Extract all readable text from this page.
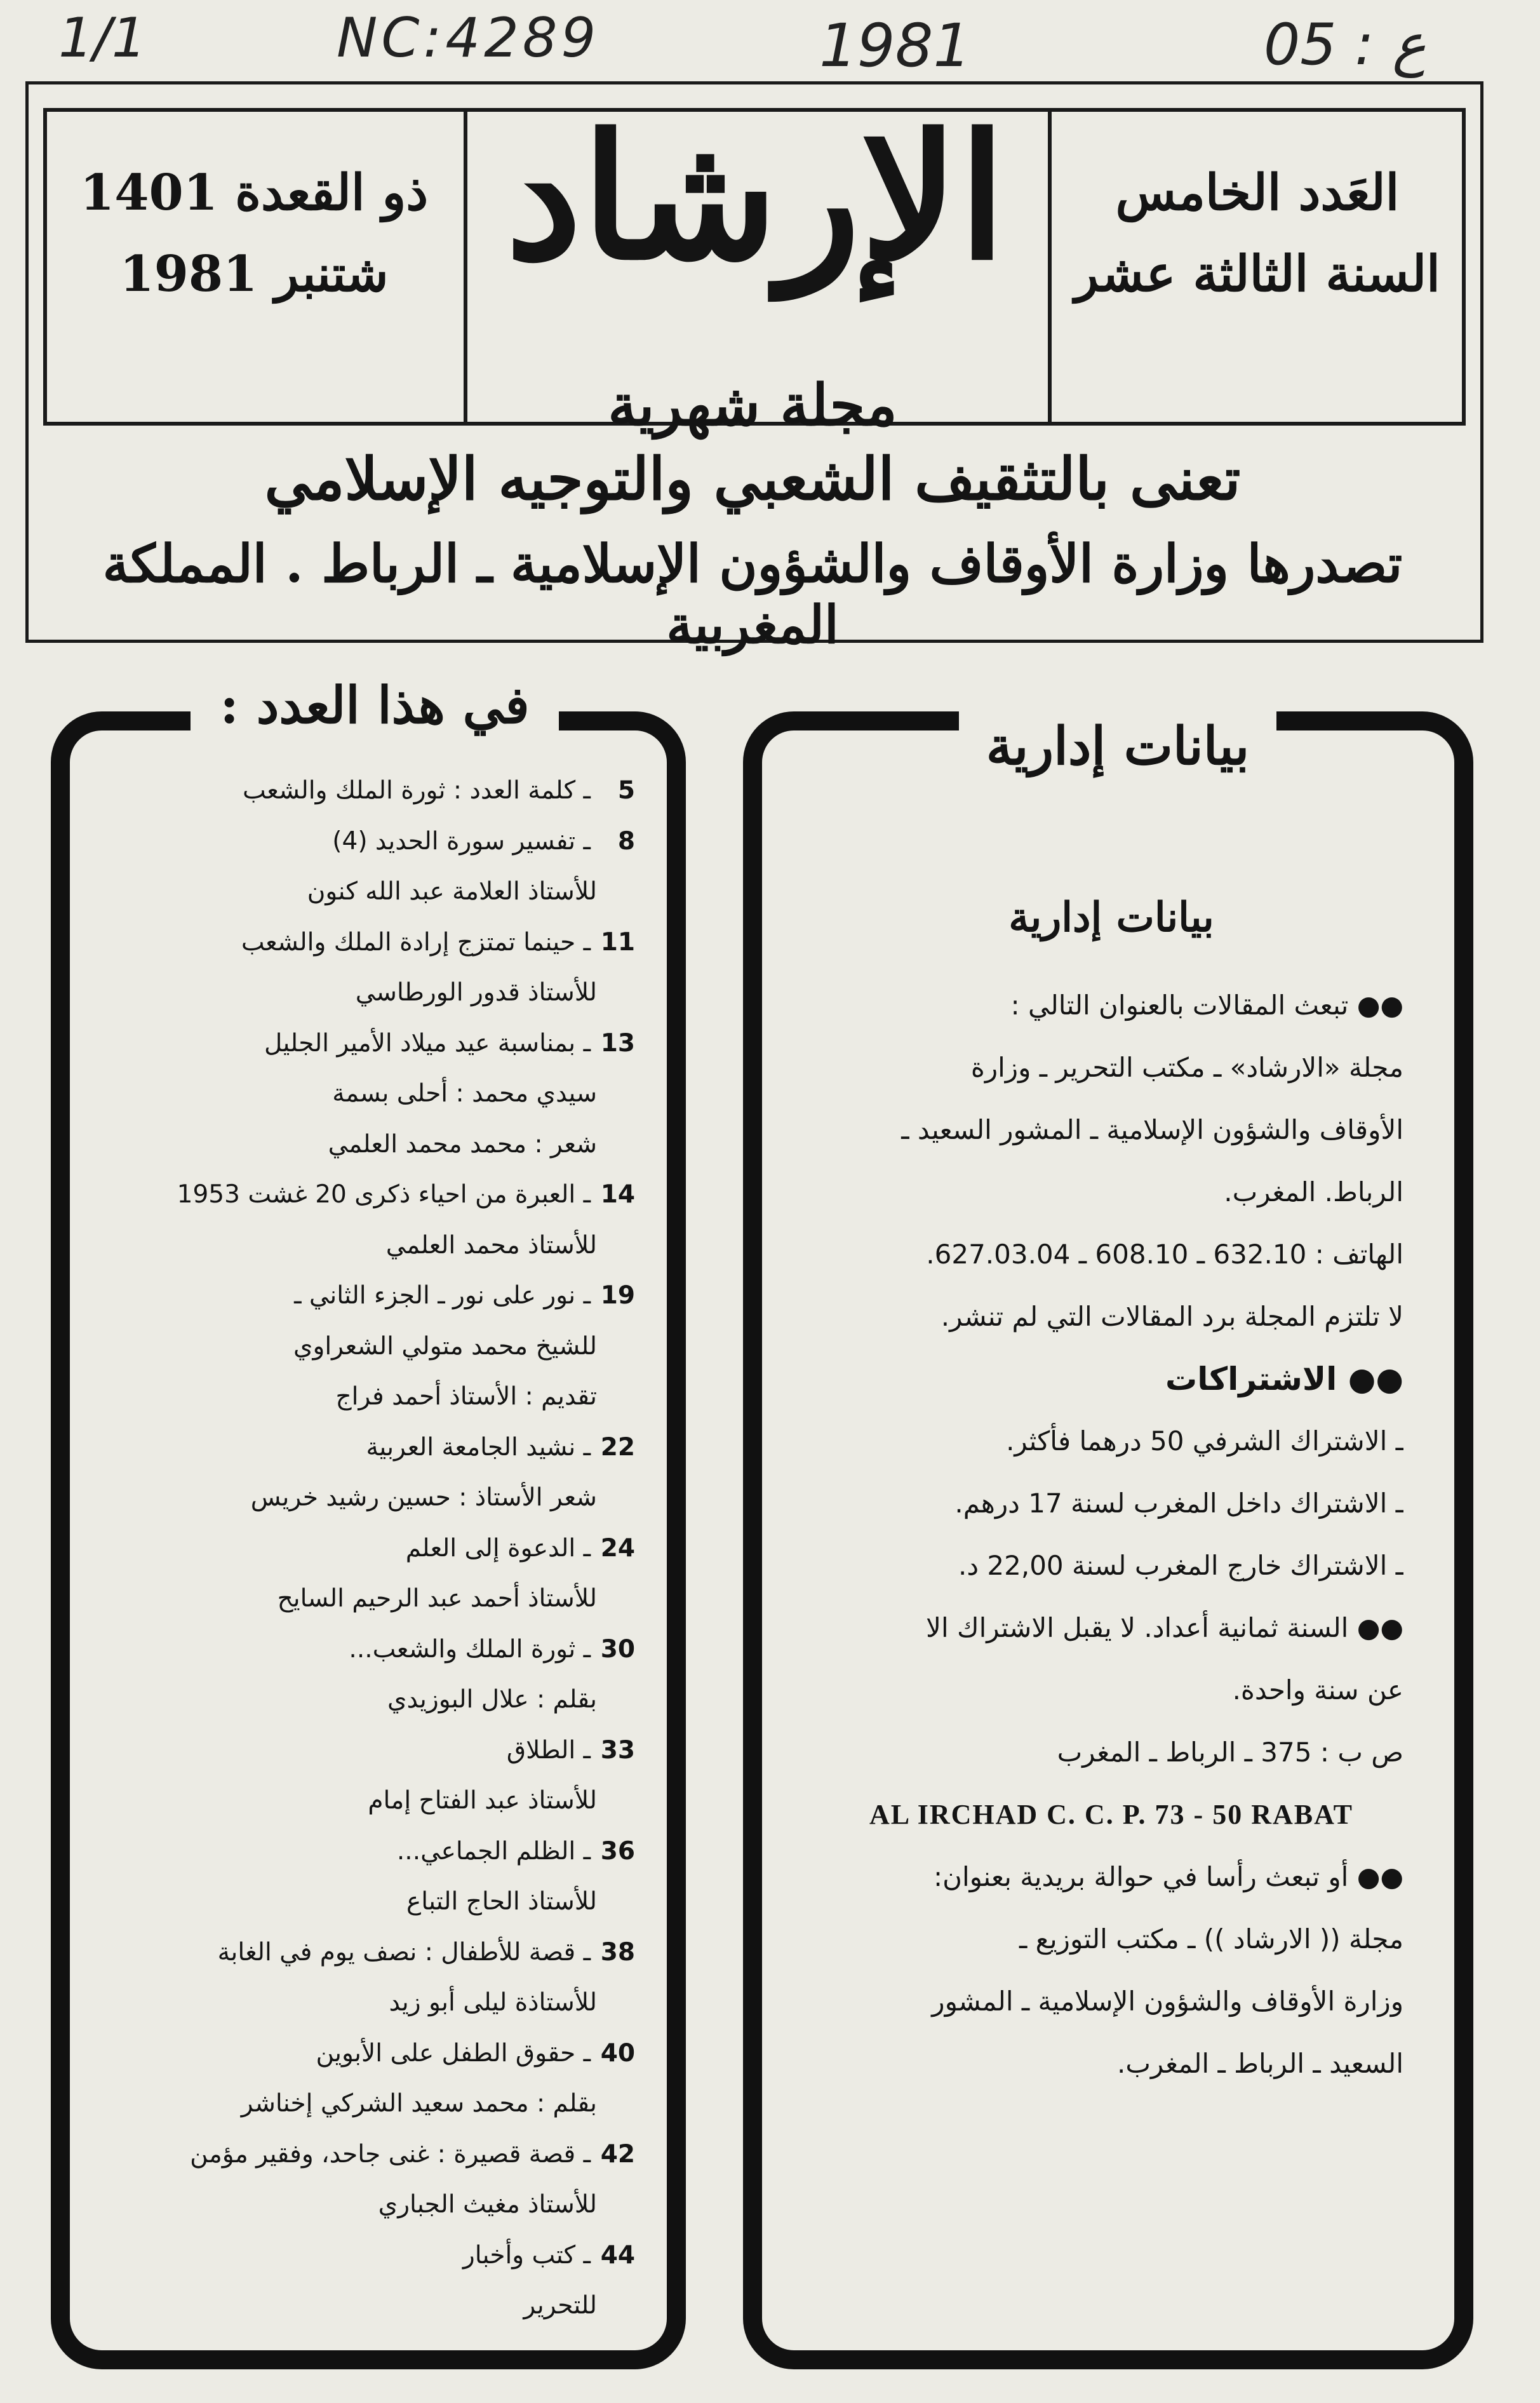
1/1	NC:4289	1981	ع : 05
العَدد الخامس
السنة الثالثة عشر
الإرشاد
ذو القعدة 1401
شتنبر 1981
مجلة شهرية
تعنى بالتثقيف الشعبي والتوجيه الإسلامي
تصدرها وزارة الأوقاف والشؤون الإسلامية ـ الرباط . المملكة المغربية
في هذا العدد :
بيانات إدارية
5ـ كلمة العدد : ثورة الملك والشعب
8ـ تفسير سورة الحديد (4)
للأستاذ العلامة عبد الله كنون
11ـ حينما تمتزج إرادة الملك والشعب
للأستاذ قدور الورطاسي
13ـ بمناسبة عيد ميلاد الأمير الجليل
سيدي محمد : أحلى بسمة
شعر : محمد محمد العلمي
14ـ العبرة من احياء ذكرى 20 غشت 1953
للأستاذ محمد العلمي
19ـ نور على نور ـ الجزء الثاني ـ
للشيخ محمد متولي الشعراوي
تقديم : الأستاذ أحمد فراج
22ـ نشيد الجامعة العربية
شعر الأستاذ : حسين رشيد خريس
24ـ الدعوة إلى العلم
للأستاذ أحمد عبد الرحيم السايح
30ـ ثورة الملك والشعب...
بقلم : علال البوزيدي
33ـ الطلاق
للأستاذ عبد الفتاح إمام
36ـ الظلم الجماعي...
للأستاذ الحاج التباع
38ـ قصة للأطفال : نصف يوم في الغابة
للأستاذة ليلى أبو زيد
40ـ حقوق الطفل على الأبوين
بقلم : محمد سعيد الشركي إخناشر
42ـ قصة قصيرة : غنى جاحد، وفقير مؤمن
للأستاذ مغيث الجباري
44ـ كتب وأخبار
للتحرير
بيانات إدارية
●● تبعث المقالات بالعنوان التالي :
مجلة «الارشاد» ـ مكتب التحرير ـ وزارة
الأوقاف والشؤون الإسلامية ـ المشور السعيد ـ
الرباط. المغرب.
الهاتف : 632.10 ـ 608.10 ـ 627.03.04.
لا تلتزم المجلة برد المقالات التي لم تنشر.
●● الاشتراكات
ـ الاشتراك الشرفي 50 درهما فأكثر.
ـ الاشتراك داخل المغرب لسنة 17 درهم.
ـ الاشتراك خارج المغرب لسنة 22,00 د.
●● السنة ثمانية أعداد. لا يقبل الاشتراك الا
عن سنة واحدة.
ص ب : 375 ـ الرباط ـ المغرب
AL IRCHAD C. C. P. 73 - 50 RABAT
●● أو تبعث رأسا في حوالة بريدية بعنوان:
مجلة (( الارشاد )) ـ مكتب التوزيع ـ
وزارة الأوقاف والشؤون الإسلامية ـ المشور
السعيد ـ الرباط ـ المغرب.
